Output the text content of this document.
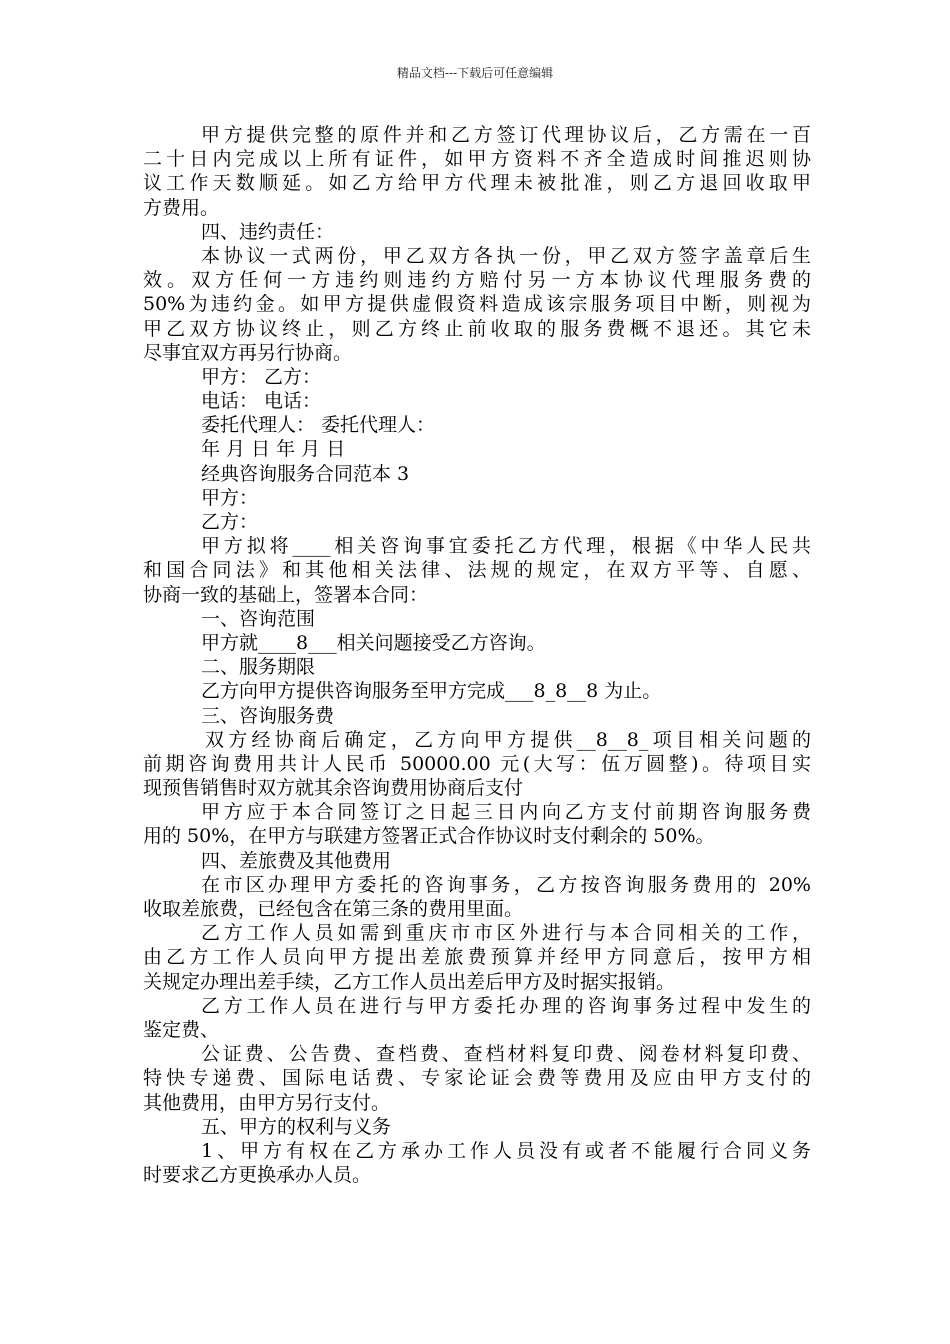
精品文档---下载后可任意编辑
甲方提供完整的原件并和乙方签订代理协议后，乙方需在一百
二十日内完成以上所有证件，如甲方资料不齐全造成时间推迟则协
议工作天数顺延。如乙方给甲方代理未被批准，则乙方退回收取甲
方费用。
四、违约责任：
本协议一式两份，甲乙双方各执一份，甲乙双方签字盖章后生
效。双方任何一方违约则违约方赔付另一方本协议代理服务费的
50%为违约金。如甲方提供虚假资料造成该宗服务项目中断，则视为
甲乙双方协议终止，则乙方终止前收取的服务费概不退还。其它未
尽事宜双方再另行协商。
甲方： 乙方：
电话： 电话：
委托代理人： 委托代理人：
年 月 日 年 月 日
经典咨询服务合同范本 3
甲方：
乙方：
甲方拟将____相关咨询事宜委托乙方代理，根据《中华人民共
和国合同法》和其他相关法律、法规的规定，在双方平等、自愿、
协商一致的基础上，签署本合同：
一、咨询范围
甲方就____8___相关问题接受乙方咨询。
二、服务期限
乙方向甲方提供咨询服务至甲方完成___8_8__8 为止。
三、咨询服务费
双方经协商后确定，乙方向甲方提供__8__8_项目相关问题的
前期咨询费用共计人民币 50000.00 元(大写：伍万圆整)。待项目实
现预售销售时双方就其余咨询费用协商后支付
甲方应于本合同签订之日起三日内向乙方支付前期咨询服务费
用的 50%，在甲方与联建方签署正式合作协议时支付剩余的 50%。
四、差旅费及其他费用
在市区办理甲方委托的咨询事务，乙方按咨询服务费用的 20%
收取差旅费，已经包含在第三条的费用里面。
乙方工作人员如需到重庆市市区外进行与本合同相关的工作，
由乙方工作人员向甲方提出差旅费预算并经甲方同意后，按甲方相
关规定办理出差手续，乙方工作人员出差后甲方及时据实报销。
乙方工作人员在进行与甲方委托办理的咨询事务过程中发生的
鉴定费、
公证费、公告费、查档费、查档材料复印费、阅卷材料复印费、
特快专递费、国际电话费、专家论证会费等费用及应由甲方支付的
其他费用，由甲方另行支付。
五、甲方的权利与义务
1、甲方有权在乙方承办工作人员没有或者不能履行合同义务
时要求乙方更换承办人员。
